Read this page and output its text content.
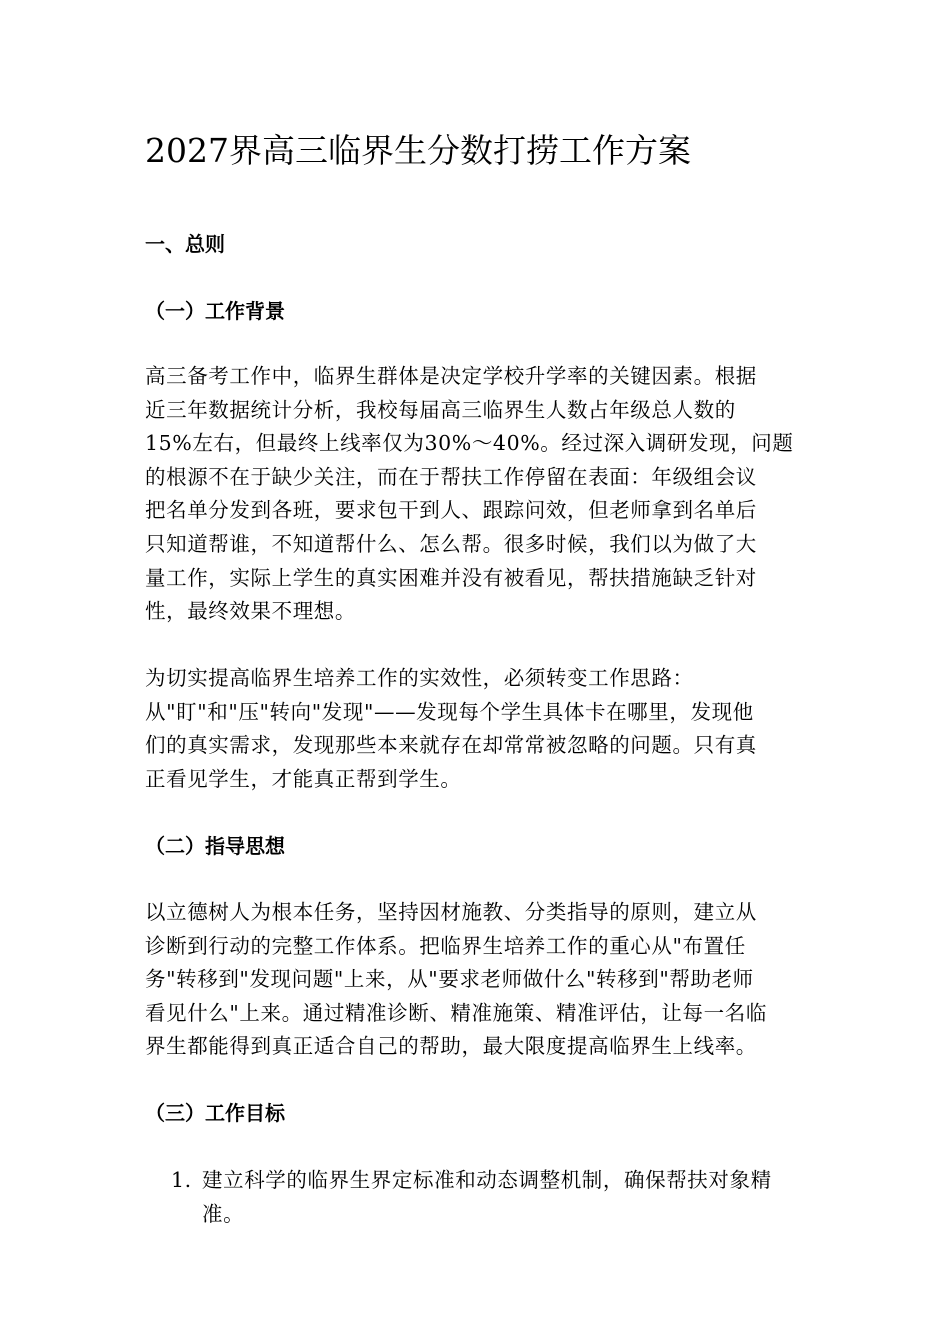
2027界高三临界生分数打捞工作方案
一、总则
（一）工作背景

高三备考工作中，临界生群体是决定学校升学率的关键因素。根据
近三年数据统计分析，我校每届高三临界生人数占年级总人数的
15%左右，但最终上线率仅为30%～40%。经过深入调研发现，问题
的根源不在于缺少关注，而在于帮扶工作停留在表面：年级组会议
把名单分发到各班，要求包干到人、跟踪问效，但老师拿到名单后
只知道帮谁，不知道帮什么、怎么帮。很多时候，我们以为做了大
量工作，实际上学生的真实困难并没有被看见，帮扶措施缺乏针对
性，最终效果不理想。

为切实提高临界生培养工作的实效性，必须转变工作思路：
从"盯"和"压"转向"发现"——发现每个学生具体卡在哪里，发现他
们的真实需求，发现那些本来就存在却常常被忽略的问题。只有真
正看见学生，才能真正帮到学生。

（二）指导思想

以立德树人为根本任务，坚持因材施教、分类指导的原则，建立从
诊断到行动的完整工作体系。把临界生培养工作的重心从"布置任
务"转移到"发现问题"上来，从"要求老师做什么"转移到"帮助老师
看见什么"上来。通过精准诊断、精准施策、精准评估，让每一名临
界生都能得到真正适合自己的帮助，最大限度提高临界生上线率。

（三）工作目标
1. 建立科学的临界生界定标准和动态调整机制，确保帮扶对象精
准。
